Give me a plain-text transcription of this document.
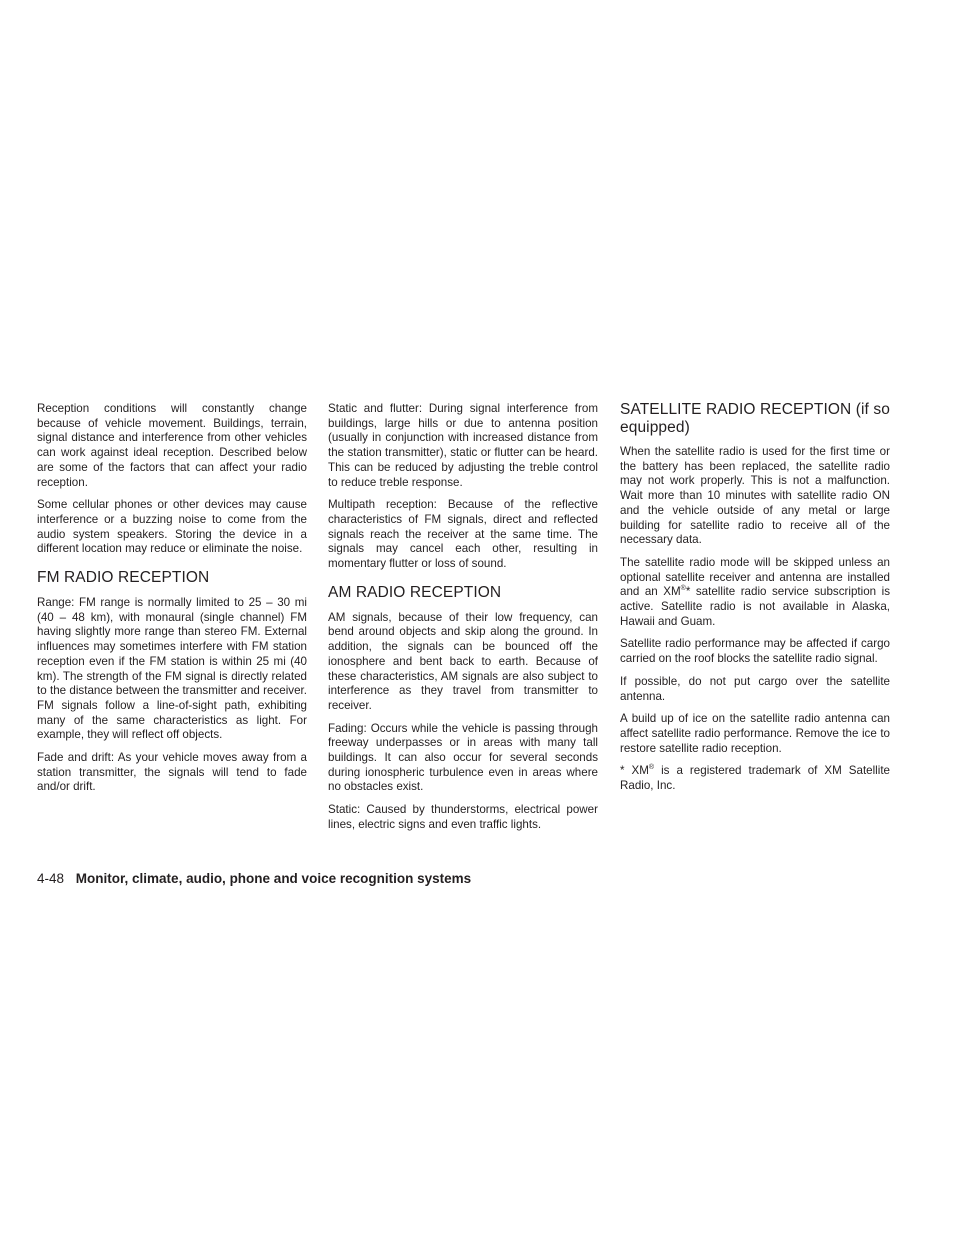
Reception conditions will constantly change because of vehicle movement. Buildings, terrain, signal distance and interference from other vehicles can work against ideal reception. Described below are some of the factors that can affect your radio reception.

Some cellular phones or other devices may cause interference or a buzzing noise to come from the audio system speakers. Storing the device in a different location may reduce or eliminate the noise.

FM RADIO RECEPTION

Range: FM range is normally limited to 25 – 30 mi (40 – 48 km), with monaural (single channel) FM having slightly more range than stereo FM. External influences may sometimes interfere with FM station reception even if the FM station is within 25 mi (40 km). The strength of the FM signal is directly related to the distance between the transmitter and receiver. FM signals follow a line-of-sight path, exhibiting many of the same characteristics as light. For example, they will reflect off objects.

Fade and drift: As your vehicle moves away from a station transmitter, the signals will tend to fade and/or drift.

Static and flutter: During signal interference from buildings, large hills or due to antenna position (usually in conjunction with increased distance from the station transmitter), static or flutter can be heard. This can be reduced by adjusting the treble control to reduce treble response.

Multipath reception: Because of the reflective characteristics of FM signals, direct and reflected signals reach the receiver at the same time. The signals may cancel each other, resulting in momentary flutter or loss of sound.

AM RADIO RECEPTION

AM signals, because of their low frequency, can bend around objects and skip along the ground. In addition, the signals can be bounced off the ionosphere and bent back to earth. Because of these characteristics, AM signals are also subject to interference as they travel from transmitter to receiver.

Fading: Occurs while the vehicle is passing through freeway underpasses or in areas with many tall buildings. It can also occur for several seconds during ionospheric turbulence even in areas where no obstacles exist.

Static: Caused by thunderstorms, electrical power lines, electric signs and even traffic lights.

SATELLITE RADIO RECEPTION (if so equipped)

When the satellite radio is used for the first time or the battery has been replaced, the satellite radio may not work properly. This is not a malfunction. Wait more than 10 minutes with satellite radio ON and the vehicle outside of any metal or large building for satellite radio to receive all of the necessary data.

The satellite radio mode will be skipped unless an optional satellite receiver and antenna are installed and an XM®* satellite radio service subscription is active. Satellite radio is not available in Alaska, Hawaii and Guam.

Satellite radio performance may be affected if cargo carried on the roof blocks the satellite radio signal.

If possible, do not put cargo over the satellite antenna.

A build up of ice on the satellite radio antenna can affect satellite radio performance. Remove the ice to restore satellite radio reception.

* XM® is a registered trademark of XM Satellite Radio, Inc.

4-48 Monitor, climate, audio, phone and voice recognition systems
